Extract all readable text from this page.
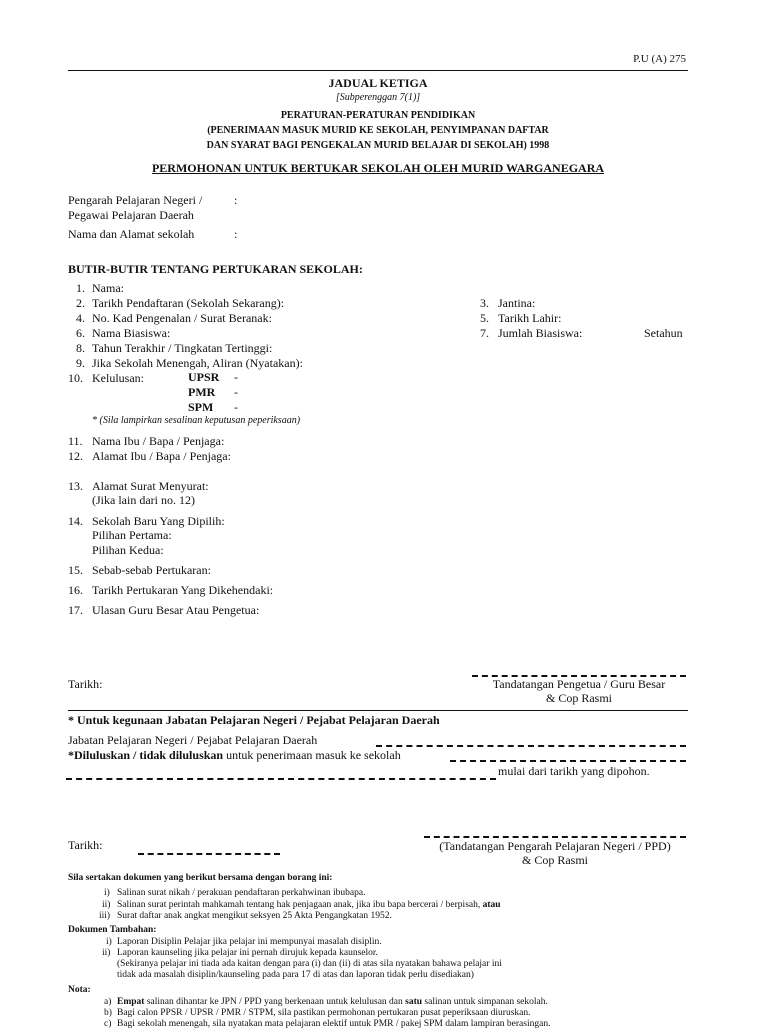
P.U (A) 275
JADUAL KETIGA
[Subperenggan 7(1)]
PERATURAN-PERATURAN PENDIDIKAN
(PENERIMAAN MASUK MURID KE SEKOLAH, PENYIMPANAN DAFTAR
DAN SYARAT BAGI PENGEKALAN MURID BELAJAR DI SEKOLAH) 1998
PERMOHONAN UNTUK BERTUKAR SEKOLAH OLEH MURID WARGANEGARA
Pengarah Pelajaran Negeri /	:
Pegawai Pelajaran Daerah
Nama dan Alamat sekolah	:
BUTIR-BUTIR TENTANG PERTUKARAN SEKOLAH:
1. Nama:
2. Tarikh Pendaftaran (Sekolah Sekarang):
4. No. Kad Pengenalan / Surat Beranak:
6. Nama Biasiswa:
8. Tahun Terakhir / Tingkatan Tertinggi:
9. Jika Sekolah Menengah, Aliran (Nyatakan):
10. Kelulusan:	UPSR -
PMR -
SPM -
* (Sila lampirkan sesalinan keputusan peperiksaan)
3. Jantina:
5. Tarikh Lahir:
7. Jumlah Biasiswa:	Setahun
11. Nama Ibu / Bapa / Penjaga:
12. Alamat Ibu / Bapa / Penjaga:
13. Alamat Surat Menyurat:
(Jika lain dari no. 12)
14. Sekolah Baru Yang Dipilih:
Pilihan Pertama:
Pilihan Kedua:
15. Sebab-sebab Pertukaran:
16. Tarikh Pertukaran Yang Dikehendaki:
17. Ulasan Guru Besar Atau Pengetua:
Tarikh:	Tandatangan Pengetua / Guru Besar
& Cop Rasmi
* Untuk kegunaan Jabatan Pelajaran Negeri / Pejabat Pelajaran Daerah
Jabatan Pelajaran Negeri / Pejabat Pelajaran Daerah
*Diluluskan / tidak diluluskan untuk penerimaan masuk ke sekolah
mulai dari tarikh yang dipohon.
Tarikh:	(Tandatangan Pengarah Pelajaran Negeri / PPD)
& Cop Rasmi
Sila sertakan dokumen yang berikut bersama dengan borang ini:
i) Salinan surat nikah / perakuan pendaftaran perkahwinan ibubapa.
ii) Salinan surat perintah mahkamah tentang hak penjagaan anak, jika ibu bapa bercerai / berpisah, atau
iii) Surat daftar anak angkat mengikut seksyen 25 Akta Pengangkatan 1952.
Dokumen Tambahan:
i) Laporan Disiplin Pelajar jika pelajar ini mempunyai masalah disiplin.
ii) Laporan kaunseling jika pelajar ini pernah dirujuk kepada kaunselor.
(Sekiranya pelajar ini tiada ada kaitan dengan para (i) dan (ii) di atas sila nyatakan bahawa pelajar ini
tidak ada masalah disiplin/kaunseling pada para 17 di atas dan laporan tidak perlu disediakan)
Nota:
a) Empat salinan dihantar ke JPN / PPD yang berkenaan untuk kelulusan dan satu salinan untuk simpanan sekolah.
b) Bagi calon PPSR / UPSR / PMR / STPM, sila pastikan permohonan pertukaran pusat peperiksaan diuruskan.
c) Bagi sekolah menengah, sila nyatakan mata pelajaran elektif untuk PMR / pakej SPM dalam lampiran berasingan.
